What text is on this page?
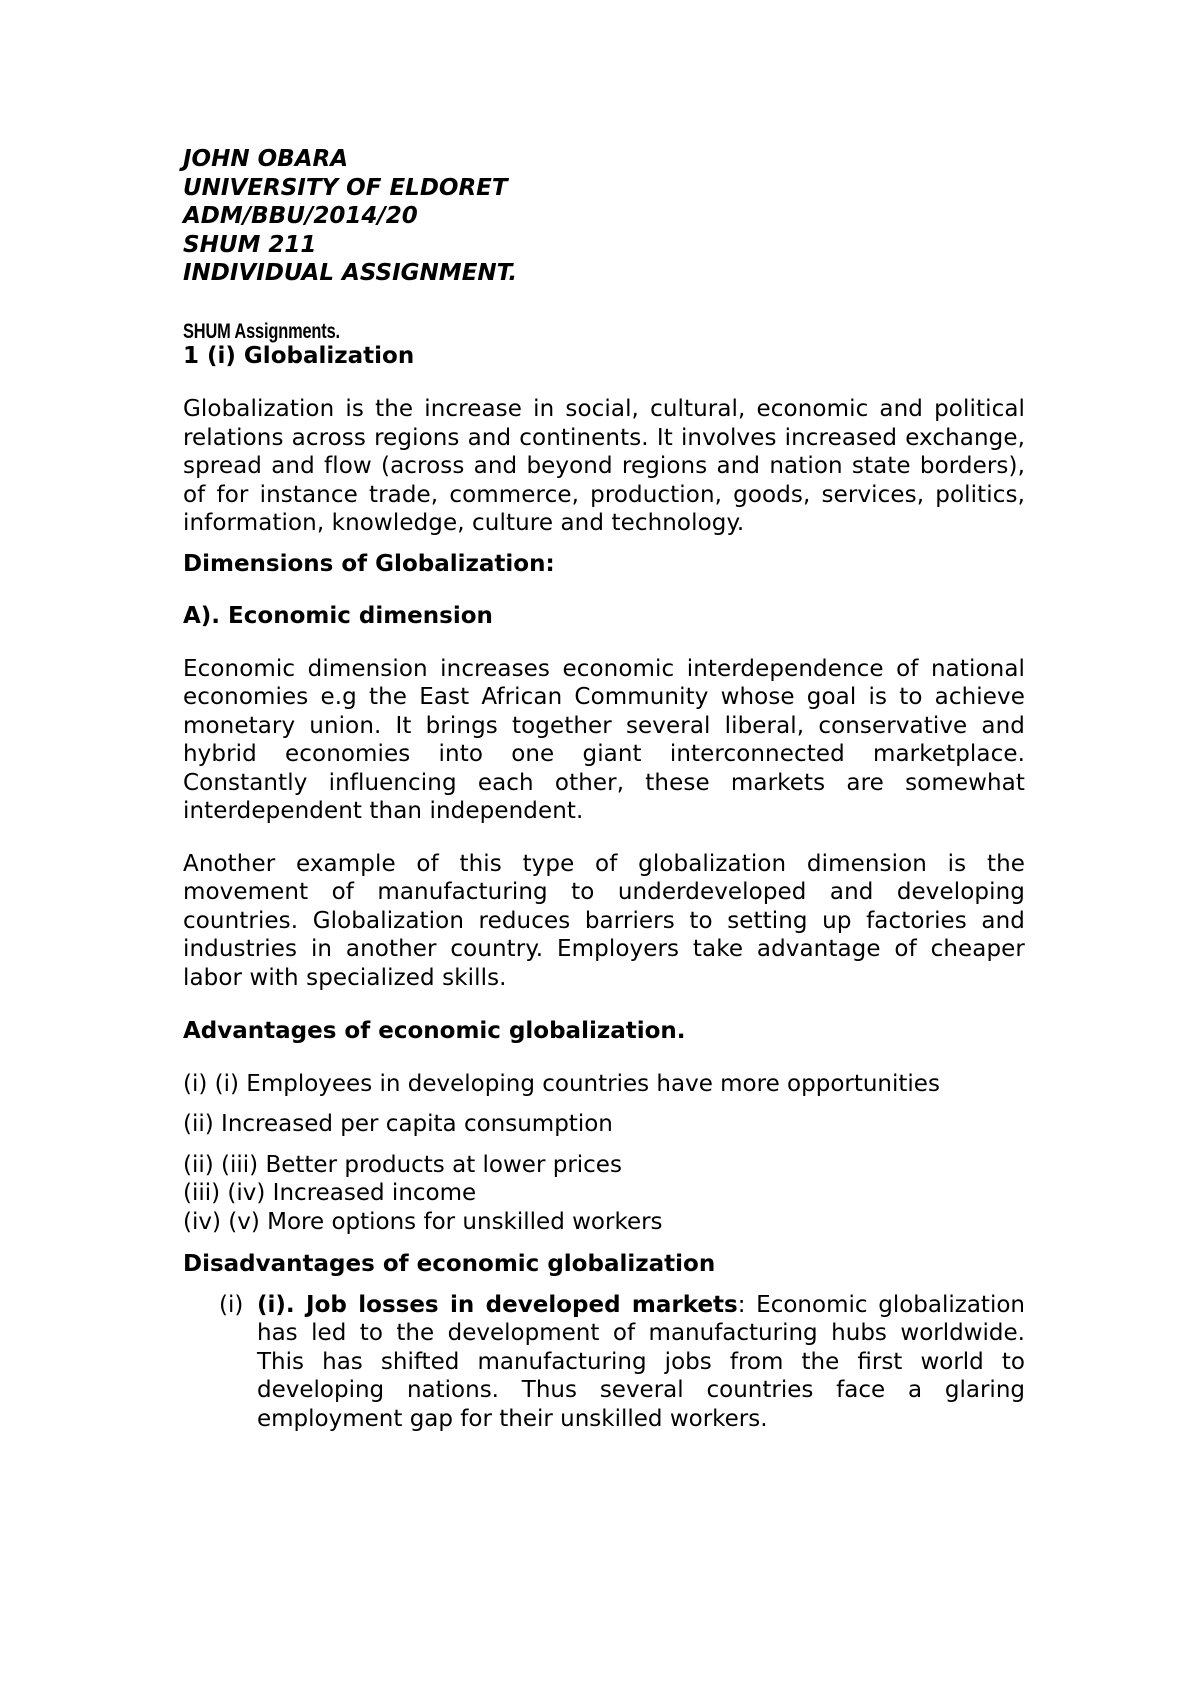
JOHN OBARA

UNIVERSITY OF ELDORET

ADM/BBU/2014/20

SHUM 211

INDIVIDUAL ASSIGNMENT.

SHUM Assignments.

1 (i) Globalization

Globalization is the increase in social, cultural, economic and political relations across regions and continents. It involves increased exchange, spread and flow (across and beyond regions and nation state borders), of for instance trade, commerce, production, goods, services, politics, information, knowledge, culture and technology.

Dimensions of Globalization:

A). Economic dimension

Economic dimension increases economic interdependence of national economies e.g the East African Community whose goal is to achieve monetary union. It brings together several liberal, conservative and hybrid economies into one giant interconnected marketplace. Constantly influencing each other, these markets are somewhat interdependent than independent.

Another example of this type of globalization dimension is the movement of manufacturing to underdeveloped and developing countries. Globalization reduces barriers to setting up factories and industries in another country. Employers take advantage of cheaper labor with specialized skills.

Advantages of economic globalization.

(i) (i) Employees in developing countries have more opportunities

(ii) Increased per capita consumption

(ii) (iii) Better products at lower prices

(iii) (iv) Increased income

(iv) (v) More options for unskilled workers

Disadvantages of economic globalization

(i) (i). Job losses in developed markets: Economic globalization has led to the development of manufacturing hubs worldwide. This has shifted manufacturing jobs from the first world to developing nations. Thus several countries face a glaring employment gap for their unskilled workers.
